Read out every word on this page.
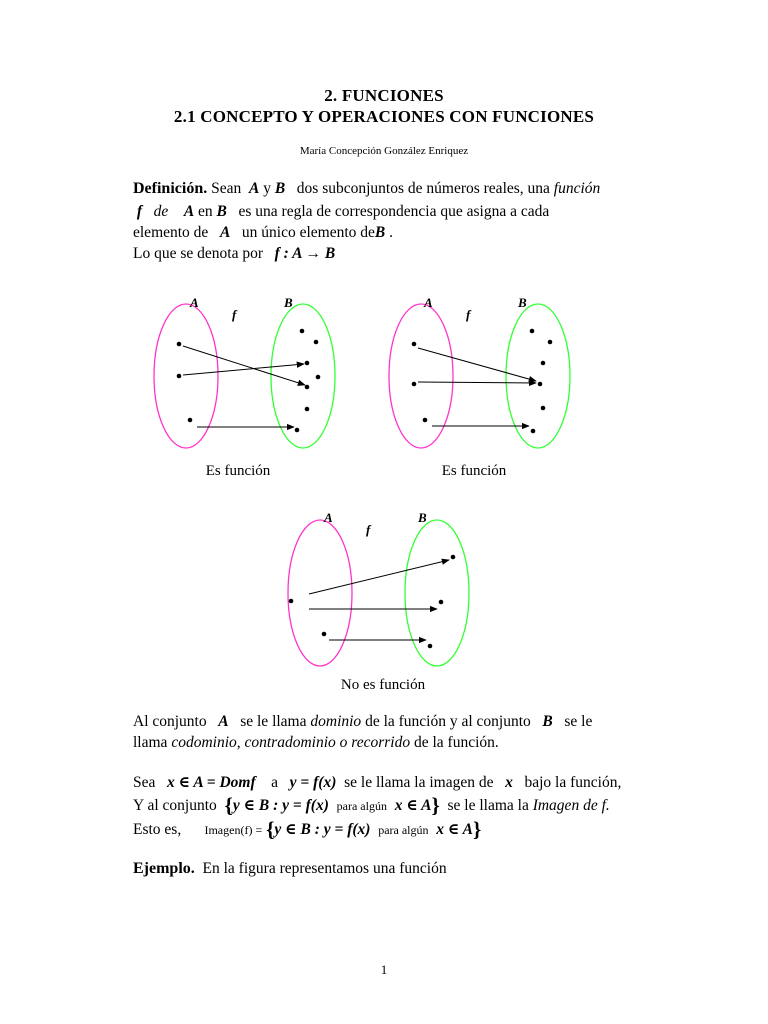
2. FUNCIONES
2.1 CONCEPTO Y OPERACIONES CON FUNCIONES
María Concepción González Enriquez
Definición. Sean A y B dos subconjuntos de números reales, una función
f de A en B es una regla de correspondencia que asigna a cada
elemento de A un único elemento deB .
Lo que se denota por f : A → B
A	B
f
Es función
A	B
f
Es función
A	B
f
No es función
Al conjunto A se le llama dominio de la función y al conjunto B se le
llama codominio, contradominio o recorrido de la función.
Sea x ∈ A = Domf a y = f(x) se le llama la imagen de x bajo la función,
Y al conjunto {y ∈ B : y = f(x) para algún x ∈ A} se le llama la Imagen de f.
Esto es, Imagen(f) = {y ∈ B : y = f(x) para algún x ∈ A}
Ejemplo. En la figura representamos una función
1
